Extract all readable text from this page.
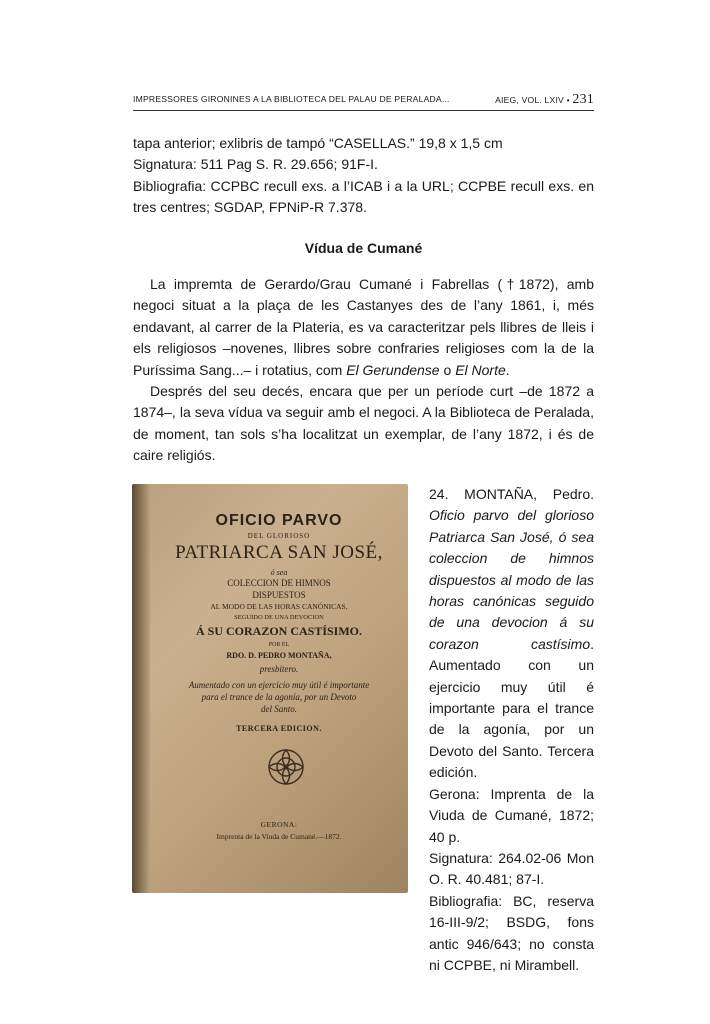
IMPRESSORES GIRONINES A LA BIBLIOTECA DEL PALAU DE PERALADA...	AIEG, VOL. LXIV • 231

tapa anterior; exlibris de tampó “CASELLAS.” 19,8 x 1,5 cm

Signatura: 511 Pag S. R. 29.656; 91F-I.

Bibliografia: CCPBC recull exs. a l’ICAB i a la URL; CCPBE recull exs. en tres centres; SGDAP, FPNiP-R 7.378.

Vídua de Cumané

La impremta de Gerardo/Grau Cumané i Fabrellas (†1872), amb negoci situat a la plaça de les Castanyes des de l’any 1861, i, més endavant, al carrer de la Plateria, es va caracteritzar pels llibres de lleis i els religiosos –novenes, llibres sobre confraries religioses com la de la Puríssima Sang...– i rotatius, com El Gerundense o El Norte.

Després del seu decés, encara que per un període curt –de 1872 a 1874–, la seva vídua va seguir amb el negoci. A la Biblioteca de Peralada, de moment, tan sols s’ha localitzat un exemplar, de l’any 1872, i és de caire religiós.

OFICIO PARVO
DEL GLORIOSO
PATRIARCA SAN JOSÉ,
ó sea
COLECCION DE HIMNOS
DISPUESTOS
AL MODO DE LAS HORAS CANÓNICAS,
SEGUIDO DE UNA DEVOCION
Á SU CORAZON CASTÍSIMO.
POR EL
RDO. D. PEDRO MONTAÑA,
presbítero.
Aumentado con un ejercicio muy útil é importante
para el trance de la agonía, por un Devoto
del Santo.
TERCERA EDICION.
GERONA:
Imprenta de la Viuda de Cumané.—1872.

24. MONTAÑA, Pedro. Oficio parvo del glorioso Patriarca San José, ó sea coleccion de himnos dispuestos al modo de las horas canónicas seguido de una devocion á su corazon castísimo. Aumentado con un ejercicio muy útil é importante para el trance de la agonía, por un Devoto del Santo. Tercera edición.

Gerona: Imprenta de la Viuda de Cumané, 1872; 40 p.

Signatura: 264.02-06 Mon O. R. 40.481; 87-I.

Bibliografia: BC, reserva 16-III-9/2; BSDG, fons antic 946/643; no consta ni CCPBE, ni Mirambell.
